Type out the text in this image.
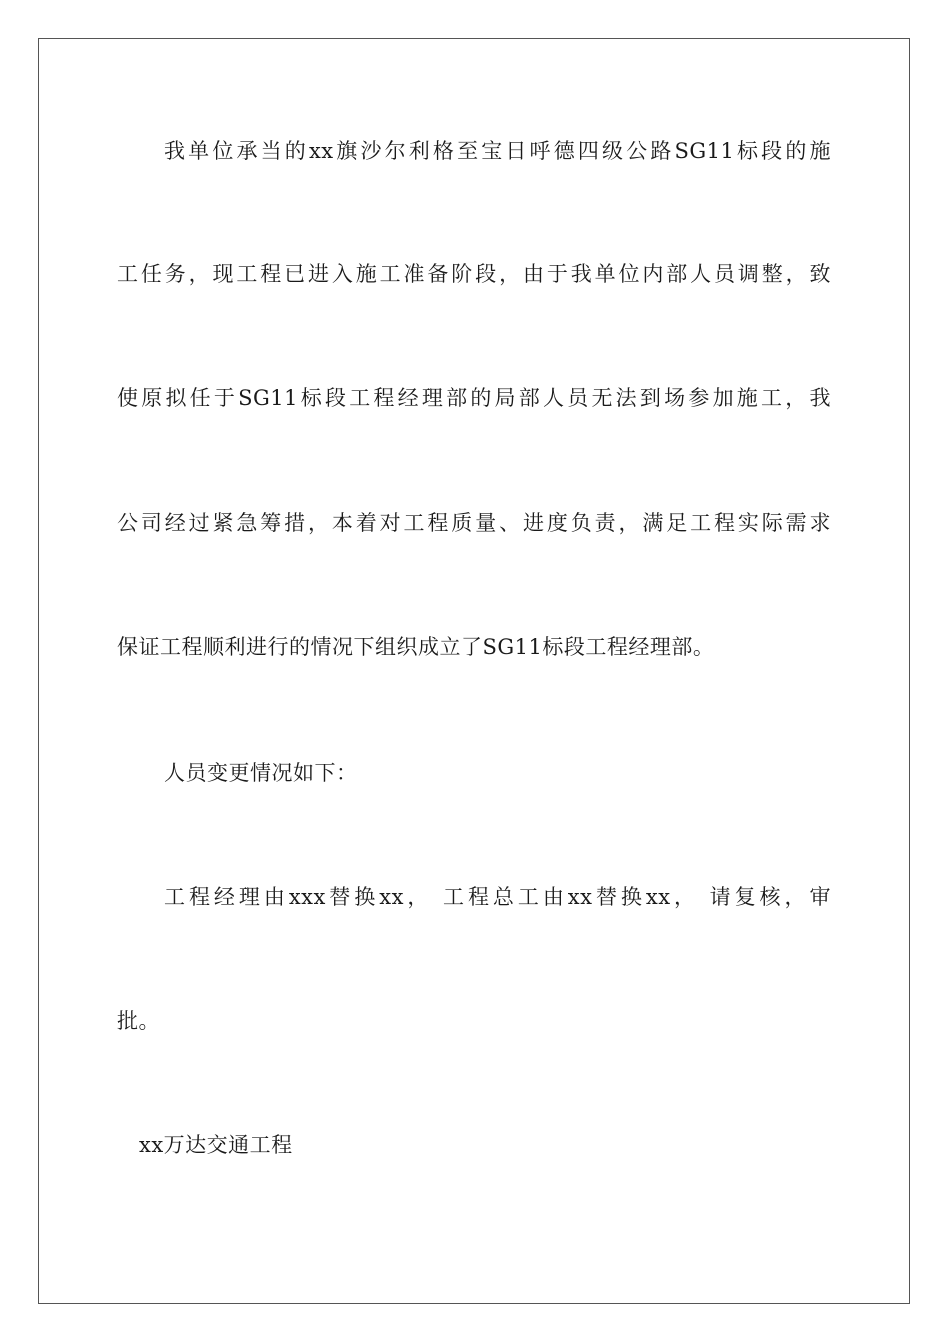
我单位承当的xx旗沙尔利格至宝日呼德四级公路SG11标段的施
工任务，现工程已进入施工准备阶段，由于我单位内部人员调整，致
使原拟任于SG11标段工程经理部的局部人员无法到场参加施工，我
公司经过紧急筹措，本着对工程质量、进度负责，满足工程实际需求
保证工程顺利进行的情况下组织成立了SG11标段工程经理部。
人员变更情况如下：
工程经理由xxx替换xx， 工程总工由xx替换xx， 请复核，审
批。
xx万达交通工程
